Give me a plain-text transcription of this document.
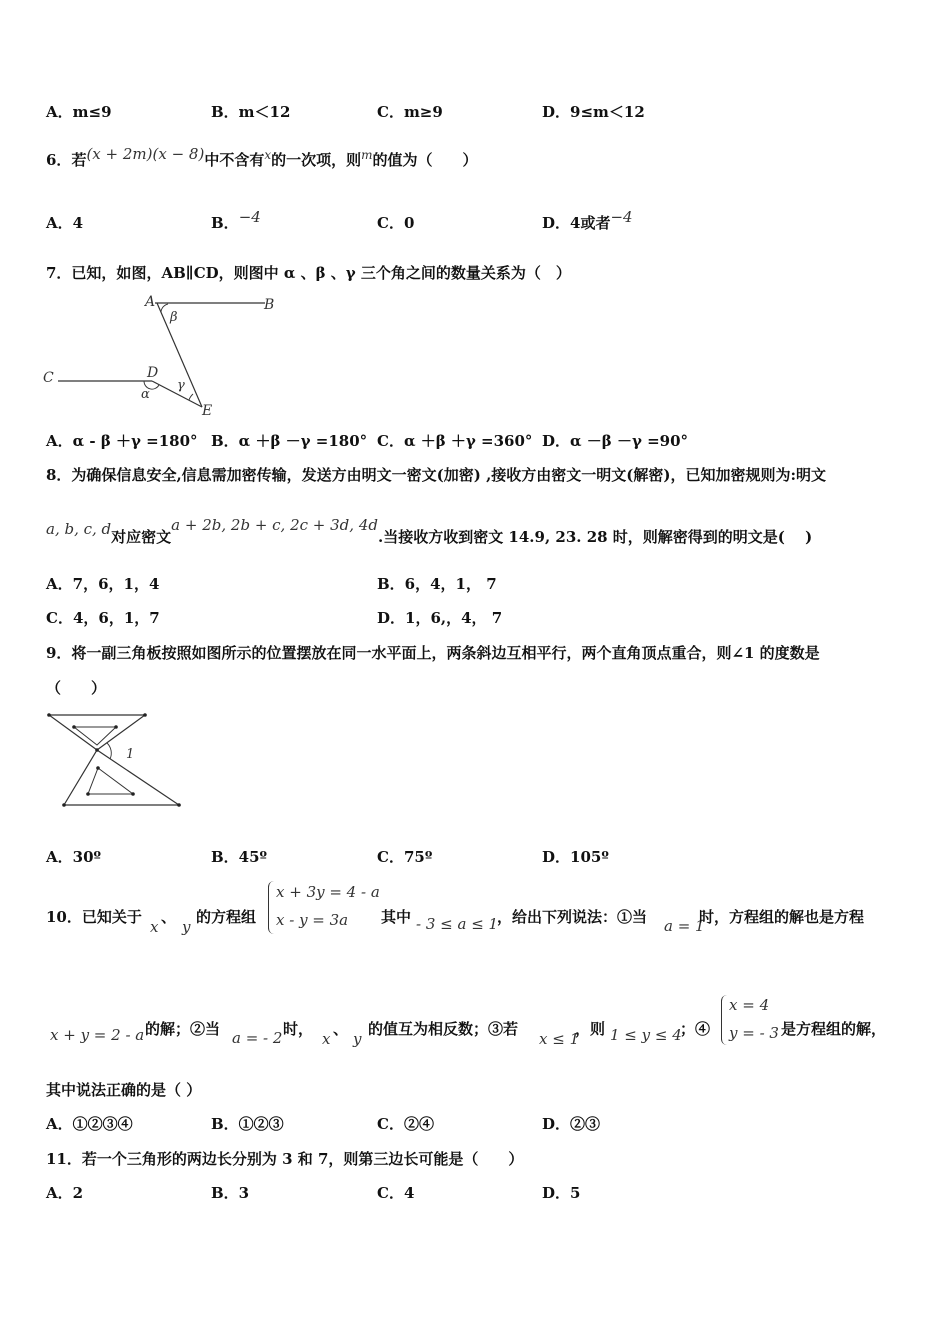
A．m≤9	B．m＜12	C．m≥9	D．9≤m＜12
6．若(x + 2m)(x − 8)中不含有$^x$的一次项，则$^m$的值为（　　）
A．4	B．−4	C．0	D．4或者−4
7．已知，如图，AB∥CD，则图中 α 、β 、γ 三个角之间的数量关系为（　）
A	B
C	D
E
β
γ
α
A．α - β ＋γ =180° B．α ＋β －γ =180° C．α ＋β ＋γ =360° D．α －β －γ =90°
8．为确保信息安全,信息需加密传输，发送方由明文一密文(加密) ,接收方由密文一明文(解密)，已知加密规则为:明文
a, b, c, d对应密文a + 2b, 2b + c, 2c + 3d, 4d.当接收方收到密文 14.9, 23. 28 时，则解密得到的明文是(　 )
A．7，6，1，4	B．6，4，1， 7
C．4，6，1，7	D．1，6,，4， 7
9．将一副三角板按照如图所示的位置摆放在同一水平面上，两条斜边互相平行，两个直角顶点重合，则∠1 的度数是
（　　）
1
A．30º	B．45º	C．75º	D．105º
10．已知关于
x
、
y
的方程组
x + 3y = 4 - a
x - y = 3a 其中 - 3 ≤ a ≤ 1
，给出下列说法：①当 a = 1
时，方程组的解也是方程
x + y = 2 - a 的解；②当 a = - 2 时，
x
、
y
的值互为相反数；③若
x ≤ 1
，则 1 ≤ y ≤ 4
；④
x = 4
y = - 3 是方程组的解，
其中说法正确的是（ ）
A．①②③④	B．①②③	C．②④	D．②③
11．若一个三角形的两边长分别为 3 和 7，则第三边长可能是（　　）
A．2	B．3	C．4	D．5
